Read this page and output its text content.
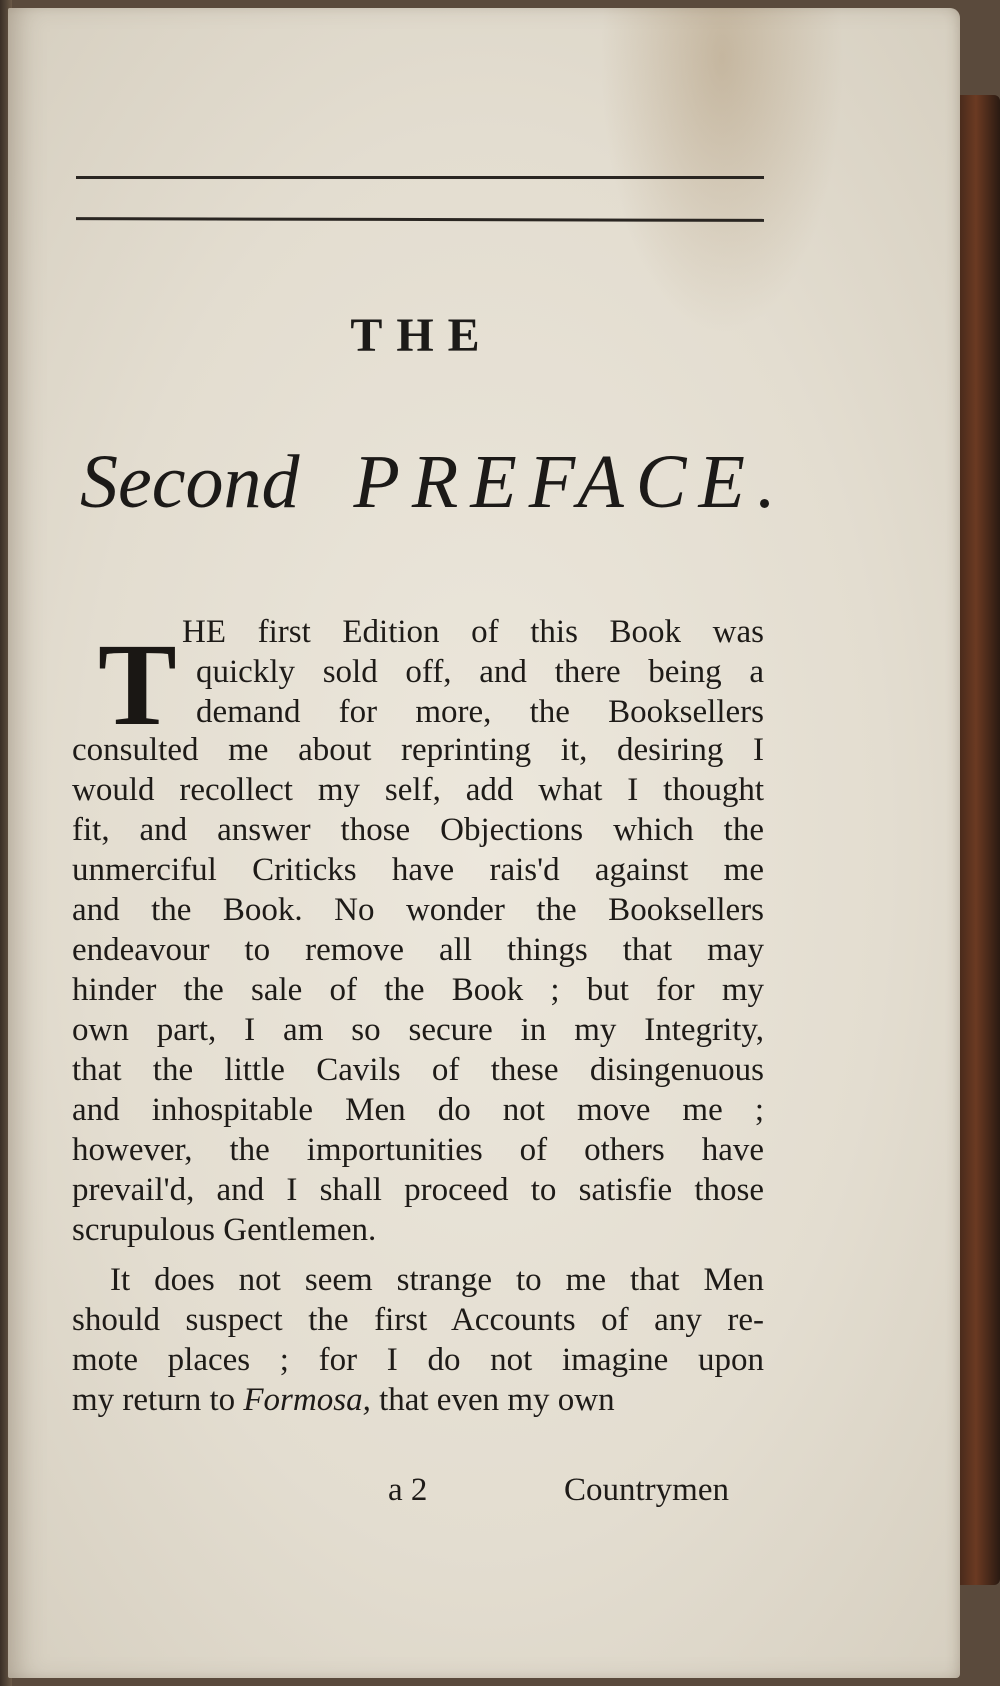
THE
Second PREFACE.
T HE first Edition of this Book was
quickly sold off, and there being a
demand for more, the Booksellers
consulted me about reprinting it, desiring I
would recollect my self, add what I thought
fit, and answer those Objections which the
unmerciful Criticks have rais'd against me
and the Book. No wonder the Booksellers
endeavour to remove all things that may
hinder the sale of the Book ; but for my
own part, I am so secure in my Integrity,
that the little Cavils of these disingenuous
and inhospitable Men do not move me ;
however, the importunities of others have
prevail'd, and I shall proceed to satisfie those
scrupulous Gentlemen.
It does not seem strange to me that Men
should suspect the first Accounts of any re-
mote places ; for I do not imagine upon
my return to Formosa, that even my own
a 2	Countrymen
